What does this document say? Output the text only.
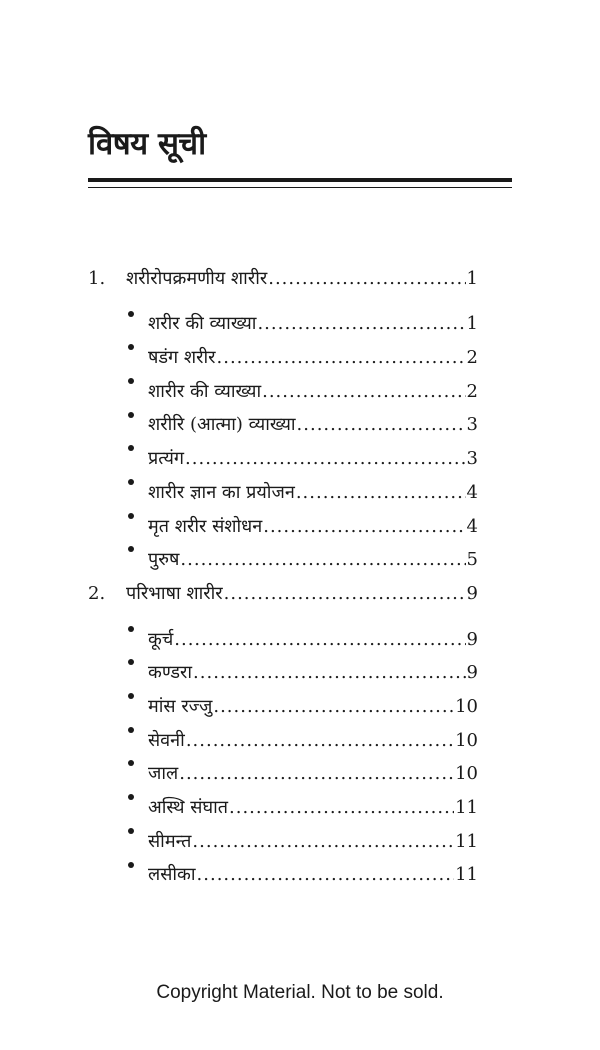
विषय सूची
1.	शरीरोपक्रमणीय शारीर .....	1
शरीर की व्याख्या .....	1
षडंग शरीर .....	2
शारीर की व्याख्या .....	2
शरीरि (आत्मा) व्याख्या .....	3
प्रत्यंग .....	3
शारीर ज्ञान का प्रयोजन .....	4
मृत शरीर संशोधन .....	4
पुरुष .....	5
2.	परिभाषा शारीर .....	9
कूर्च .....	9
कण्डरा .....	9
मांस रज्जु .....	10
सेवनी .....	10
जाल .....	10
अस्थि संघात .....	11
सीमन्त .....	11
लसीका .....	11
Copyright Material. Not to be sold.
